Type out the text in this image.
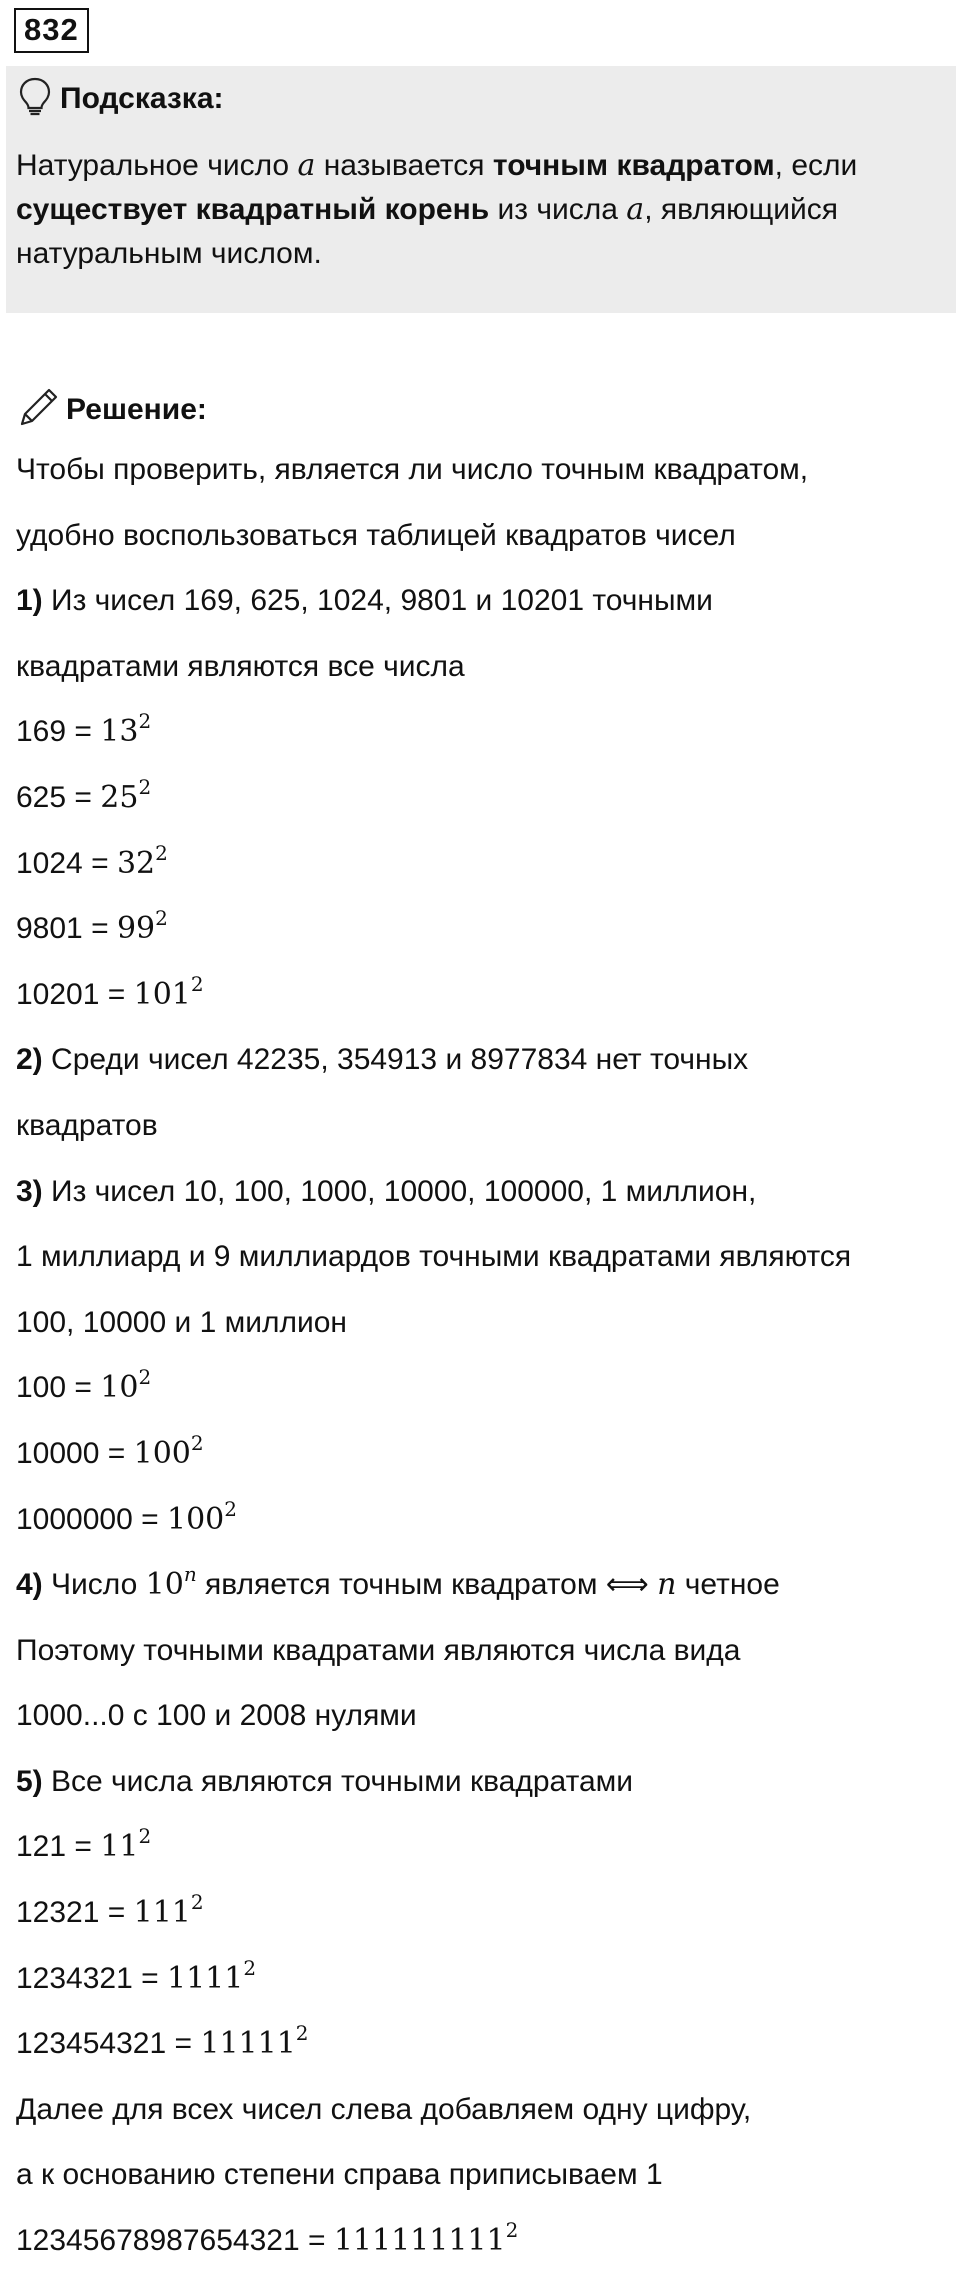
832
Подсказка:
Натуральное число a называется точным квадратом, если
существует квадратный корень из числа a, являющийся
натуральным числом.
Решение:
Чтобы проверить, является ли число точным квадратом,
удобно воспользоваться таблицей квадратов чисел
1) Из чисел 169, 625, 1024, 9801 и 10201 точными
квадратами являются все числа
$169 = 13^2$
$625 = 25^2$
$1024 = 32^2$
$9801 = 99^2$
$10201 = 101^2$
2) Среди чисел 42235, 354913 и 8977834 нет точных
квадратов
3) Из чисел 10, 100, 1000, 10000, 100000, 1 миллион,
1 миллиард и 9 миллиардов точными квадратами являются
100, 10000 и 1 миллион
$100 = 10^2$
$10000 = 100^2$
$1000000 = 100^2$
4) Число 10$^n$ является точным квадратом ⟺ n четное
Поэтому точными квадратами являются числа вида
1000...0 с 100 и 2008 нулями
5) Все числа являются точными квадратами
$121 = 11^2$
$12321 = 111^2$
$1234321 = 1111^2$
$123454321 = 11111^2$
Далее для всех чисел слева добавляем одну цифру,
а к основанию степени справа приписываем 1
$12345678987654321 = 111111111^2$
